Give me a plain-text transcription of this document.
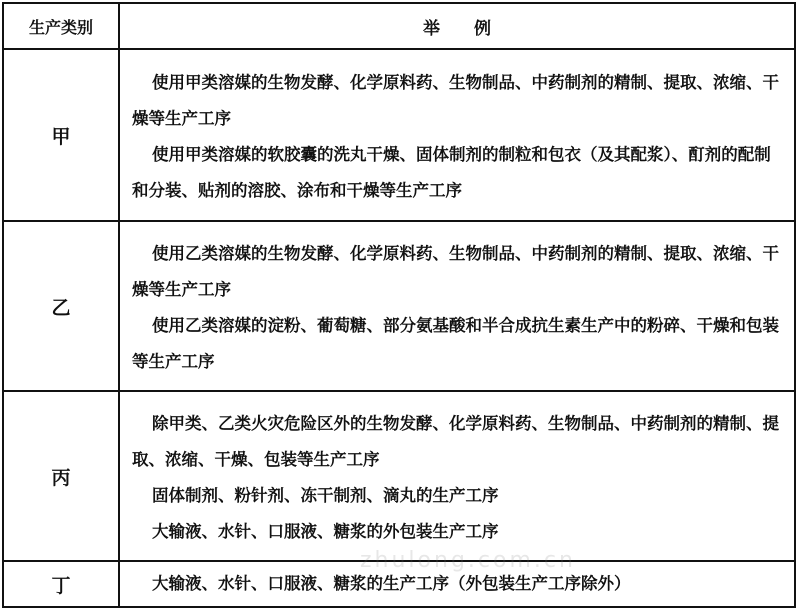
生产类别	举　　例
甲	使用甲类溶媒的生物发酵、化学原料药、生物制品、中药制剂的精制、提取、浓缩、干燥等生产工序

使用甲类溶媒的软胶囊的洗丸干燥、固体制剂的制粒和包衣（及其配浆）、酊剂的配制和分装、贴剂的溶胶、涂布和干燥等生产工序

乙	使用乙类溶媒的生物发酵、化学原料药、生物制品、中药制剂的精制、提取、浓缩、干燥等生产工序

使用乙类溶媒的淀粉、葡萄糖、部分氨基酸和半合成抗生素生产中的粉碎、干燥和包装等生产工序

丙	除甲类、乙类火灾危险区外的生物发酵、化学原料药、生物制品、中药制剂的精制、提取、浓缩、干燥、包装等生产工序

固体制剂、粉针剂、冻干制剂、滴丸的生产工序

大输液、水针、口服液、糖浆的外包装生产工序

丁	大输液、水针、口服液、糖浆的生产工序（外包装生产工序除外）

zhulong.com.cn
